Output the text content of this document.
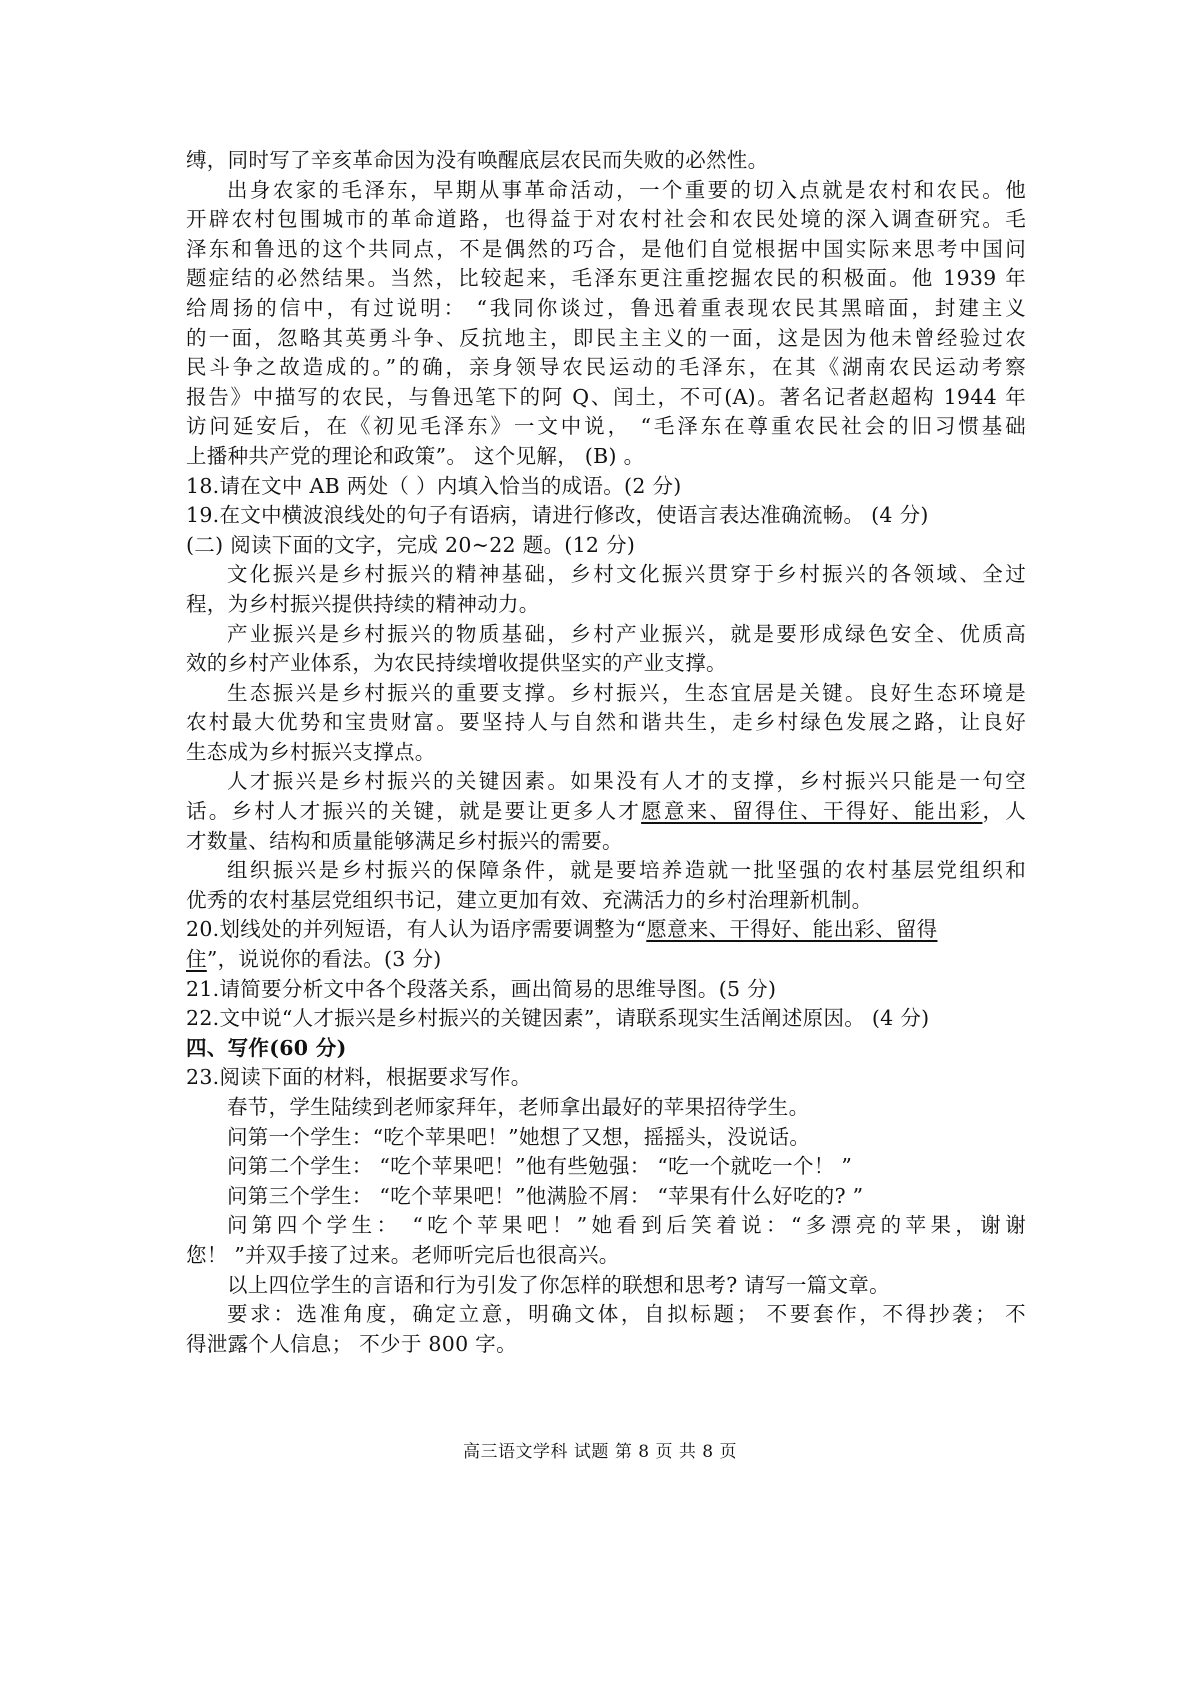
缚，同时写了辛亥革命因为没有唤醒底层农民而失败的必然性。
出身农家的毛泽东，早期从事革命活动，一个重要的切入点就是农村和农民。他
开辟农村包围城市的革命道路，也得益于对农村社会和农民处境的深入调查研究。毛
泽东和鲁迅的这个共同点，不是偶然的巧合，是他们自觉根据中国实际来思考中国问
题症结的必然结果。当然，比较起来，毛泽东更注重挖掘农民的积极面。他 1939 年
给周扬的信中，有过说明： “我同你谈过，鲁迅着重表现农民其黑暗面，封建主义
的一面，忽略其英勇斗争、反抗地主，即民主主义的一面，这是因为他未曾经验过农
民斗争之故造成的。”的确，亲身领导农民运动的毛泽东，在其《湖南农民运动考察
报告》中描写的农民，与鲁迅笔下的阿 Q、闰土，不可(A)。著名记者赵超构 1944 年
访问延安后，在《初见毛泽东》一文中说， “毛泽东在尊重农民社会的旧习惯基础
上播种共产党的理论和政策”。 这个见解， (B) 。
18.请在文中 AB 两处（ ）内填入恰当的成语。(2 分)
19.在文中横波浪线处的句子有语病，请进行修改，使语言表达准确流畅。 (4 分)
(二) 阅读下面的文字，完成 20~22 题。(12 分)
文化振兴是乡村振兴的精神基础，乡村文化振兴贯穿于乡村振兴的各领域、全过
程，为乡村振兴提供持续的精神动力。
产业振兴是乡村振兴的物质基础，乡村产业振兴，就是要形成绿色安全、优质高
效的乡村产业体系，为农民持续增收提供坚实的产业支撑。
生态振兴是乡村振兴的重要支撑。乡村振兴，生态宜居是关键。良好生态环境是
农村最大优势和宝贵财富。要坚持人与自然和谐共生，走乡村绿色发展之路，让良好
生态成为乡村振兴支撑点。
人才振兴是乡村振兴的关键因素。如果没有人才的支撑，乡村振兴只能是一句空
话。乡村人才振兴的关键，就是要让更多人才愿意来、留得住、干得好、能出彩，人
才数量、结构和质量能够满足乡村振兴的需要。
组织振兴是乡村振兴的保障条件，就是要培养造就一批坚强的农村基层党组织和
优秀的农村基层党组织书记，建立更加有效、充满活力的乡村治理新机制。
20.划线处的并列短语，有人认为语序需要调整为“愿意来、干得好、能出彩、留得
住”，说说你的看法。(3 分)
21.请简要分析文中各个段落关系，画出简易的思维导图。(5 分)
22.文中说“人才振兴是乡村振兴的关键因素”，请联系现实生活阐述原因。 (4 分)
四、写作(60 分)
23.阅读下面的材料，根据要求写作。
春节，学生陆续到老师家拜年，老师拿出最好的苹果招待学生。
问第一个学生：“吃个苹果吧！”她想了又想，摇摇头，没说话。
问第二个学生： “吃个苹果吧！”他有些勉强： “吃一个就吃一个！ ”
问第三个学生： “吃个苹果吧！”他满脸不屑： “苹果有什么好吃的? ”
问第四个学生： “吃个苹果吧！”她看到后笑着说：“多漂亮的苹果，谢谢
您！ ”并双手接了过来。老师听完后也很高兴。
以上四位学生的言语和行为引发了你怎样的联想和思考? 请写一篇文章。
要求：选准角度，确定立意，明确文体，自拟标题； 不要套作，不得抄袭； 不
得泄露个人信息； 不少于 800 字。
高三语文学科 试题 第 8 页 共 8 页
